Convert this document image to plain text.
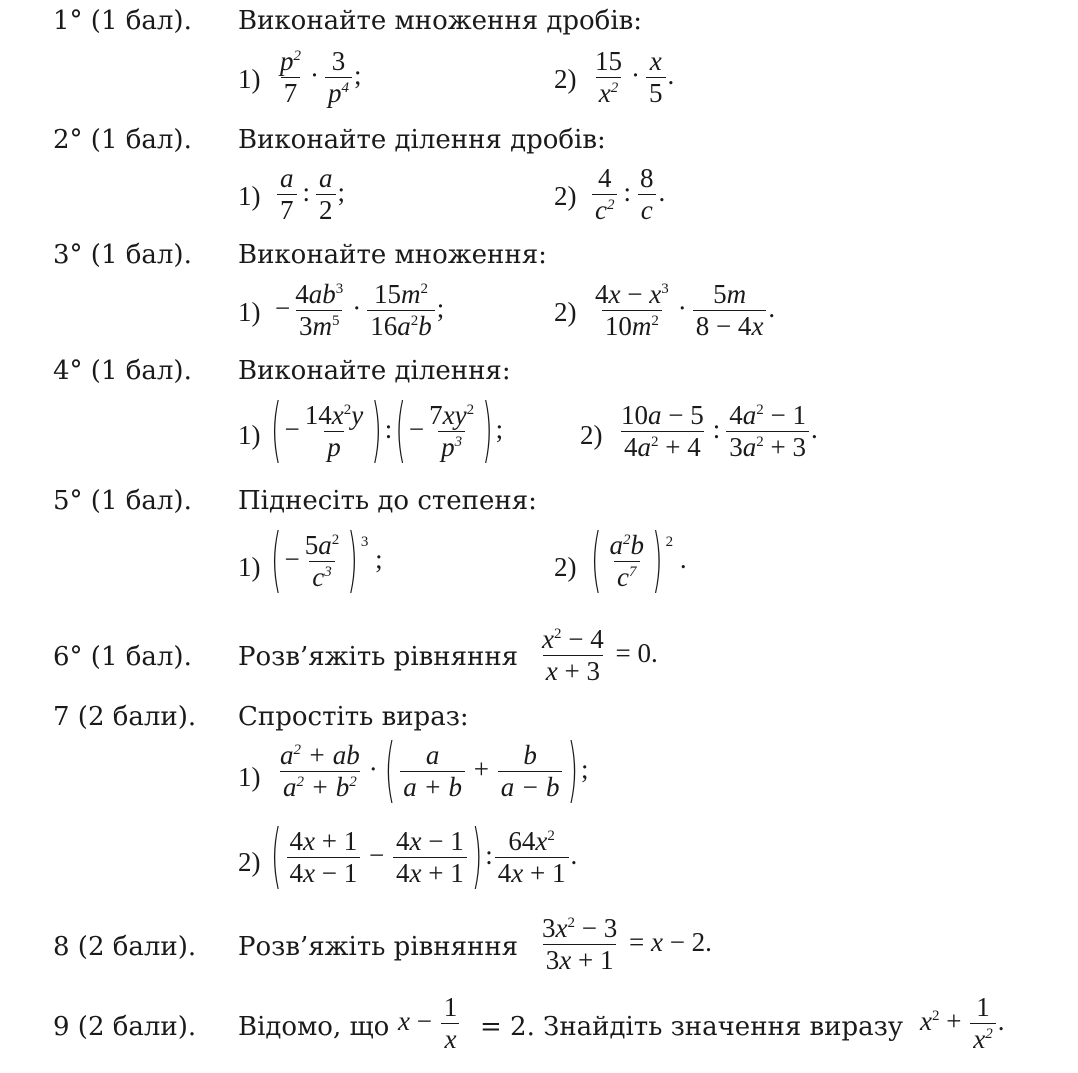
1° (1 бал). Виконайте множення дробів:
$1) \frac{p^2}{7} \cdot \frac{3}{p^4}$ ;	$2) \frac{15}{x^2} \cdot \frac{x}{5}$ .
2° (1 бал). Виконайте ділення дробів:
$1) \frac{a}{7}$ : $\frac{a}{2}$ ;	$2) \frac{4}{c^2}$ : $\frac{8}{c}$ .
3° (1 бал). Виконайте множення:
$1) - \frac{4ab^3}{3m^5} \cdot \frac{15m^2}{16a^2b}$ ;	$2) \frac{4x - x^3}{10m^2} \cdot \frac{5m}{8 - 4x}$ .
4° (1 бал). Виконайте ділення:
1) ( − $\frac{14x^2y}{p}$ ) : ( − $\frac{7xy^2}{p^3}$ ) ;	$2) \frac{10a - 5}{4a^2 + 4}$ : $\frac{4a^2 - 1}{3a^2 + 3}$ .
5° (1 бал). Піднесіть до степеня:
1) ( − $\frac{5a^2}{c^3}$ ) $^3$ ;	2) ( $\frac{a^2b}{c^7}$ ) $^2$ .
6° (1 бал). Розв’яжіть рівняння $\frac{x^2 - 4}{x + 3} = 0$.
7 (2 бали). Спростіть вираз:
$1) \frac{a^2 + ab}{a^2 + b^2}$ · ( $\frac{a}{a + b} + \frac{b}{a - b}$ ) ;
2) ( $\frac{4x + 1}{4x - 1} - \frac{4x - 1}{4x + 1}$ ) : $\frac{64x^2}{4x + 1}$ .
8 (2 бали). Розв’яжіть рівняння $\frac{3x^2 - 3}{3x + 1} = x - 2$.
9 (2 бали). Відомо, що $x - \frac{1}{x} = 2$. Знайдіть значення виразу $x^2 + \frac{1}{x^2}$ .
